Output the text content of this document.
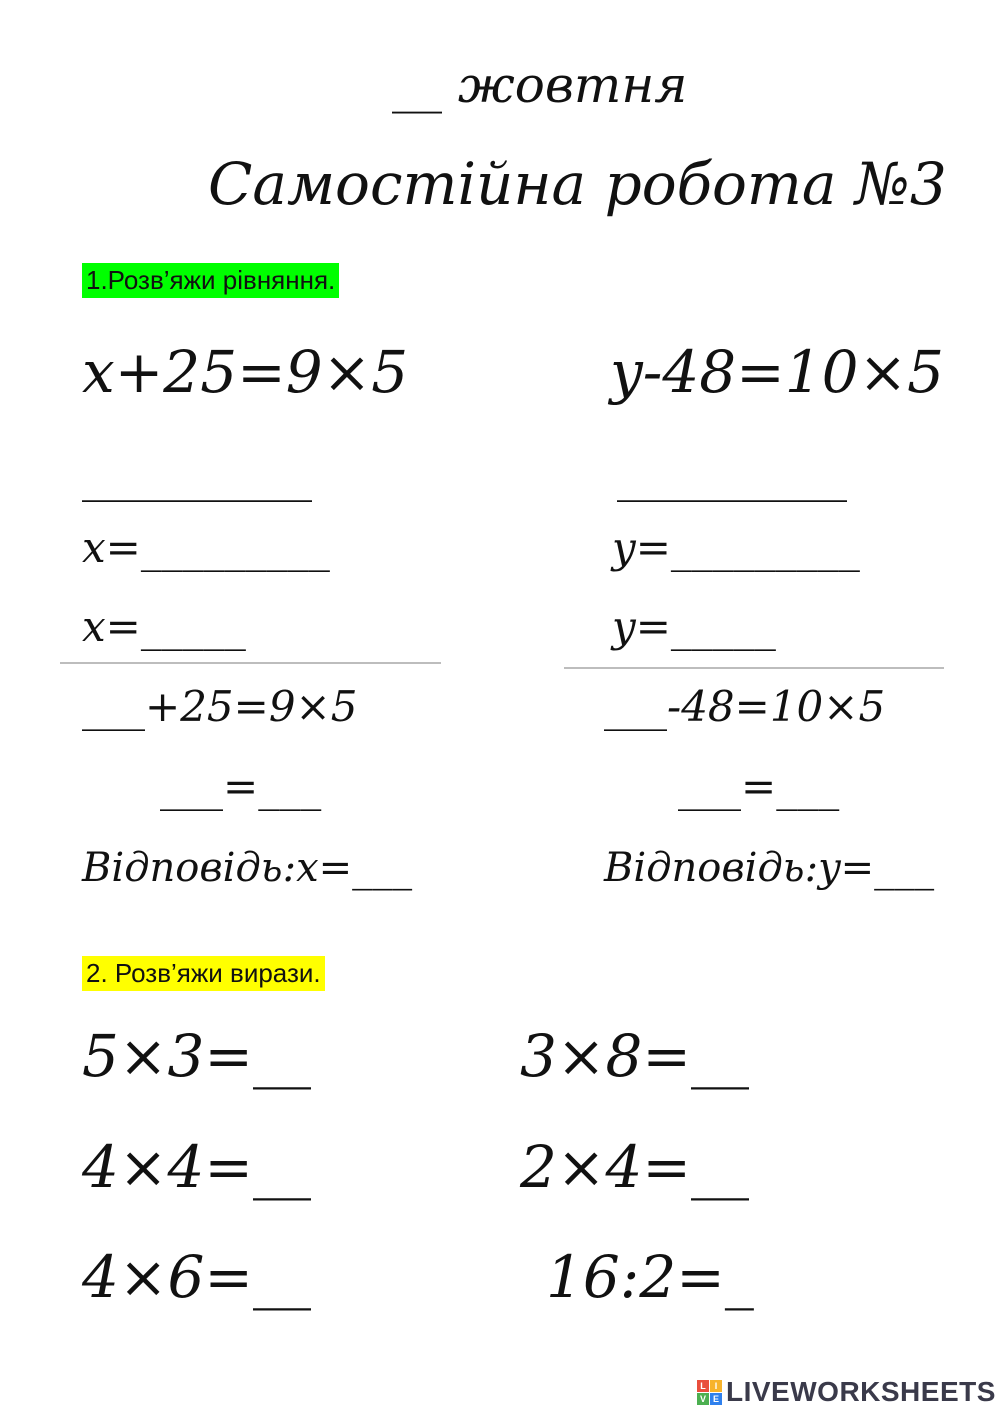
__ жовтня
Самостійна робота №3
1.Розв’яжи рівняння.
x+25=9×5
__________
x=_________
x=_____
___+25=9×5
___=___
Відповідь:x=___
y-48=10×5
__________
y=_________
y=_____
___-48=10×5
___=___
Відповідь:y=___
2. Розв’яжи вирази.
5×3=__
4×4=__
4×6=__
3×8=__
2×4=__
16:2=_
L I
V E LIVEWORKSHEETS
